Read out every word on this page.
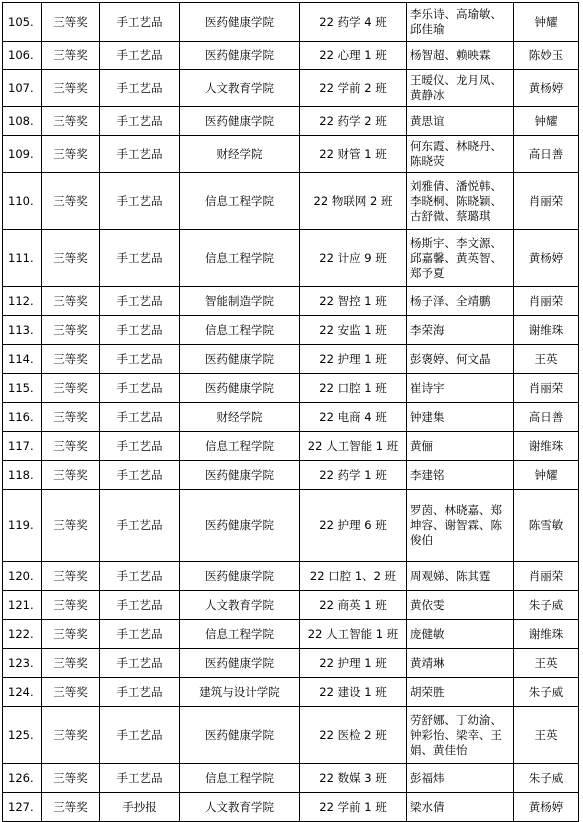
105.	三等奖	手工艺品	医药健康学院	22 药学 4 班	李乐诗、高瑜敏、邱佳瑜	钟耀
106.	三等奖	手工艺品	医药健康学院	22 心理 1 班	杨智超、赖映霖	陈妙玉
107.	三等奖	手工艺品	人文教育学院	22 学前 2 班	王暧仪、龙月凤、黄静冰	黄杨婷
108.	三等奖	手工艺品	医药健康学院	22 药学 2 班	黄思谊	钟耀
109.	三等奖	手工艺品	财经学院	22 财管 1 班	何东霞、林晓丹、陈晓荧	高日善
110.	三等奖	手工艺品	信息工程学院	22 物联网 2 班	刘雅倩、潘悦韩、李晓桐、陈晓颖、古舒微、蔡璐琪	肖丽荣
111.	三等奖	手工艺品	信息工程学院	22 计应 9 班	杨斯宇、李文源、邱嘉馨、黄英智、郑予夏	黄杨婷
112.	三等奖	手工艺品	智能制造学院	22 智控 1 班	杨子泽、全靖鹏	肖丽荣
113.	三等奖	手工艺品	信息工程学院	22 安监 1 班	李荣海	谢维珠
114.	三等奖	手工艺品	医药健康学院	22 护理 1 班	彭褒婷、何文晶	王英
115.	三等奖	手工艺品	医药健康学院	22 口腔 1 班	崔诗宇	肖丽荣
116.	三等奖	手工艺品	财经学院	22 电商 4 班	钟建集	高日善
117.	三等奖	手工艺品	信息工程学院	22 人工智能 1 班	黄俪	谢维珠
118.	三等奖	手工艺品	医药健康学院	22 药学 1 班	李建铭	钟耀
119.	三等奖	手工艺品	医药健康学院	22 护理 6 班	罗茵、林晓嘉、郑坤容、谢智霖、陈俊伯	陈雪敏
120.	三等奖	手工艺品	医药健康学院	22 口腔 1、2 班	周观娣、陈其霆	肖丽荣
121.	三等奖	手工艺品	人文教育学院	22 商英 1 班	黄依雯	朱子威
122.	三等奖	手工艺品	信息工程学院	22 人工智能 1 班	庞健敏	谢维珠
123.	三等奖	手工艺品	医药健康学院	22 护理 1 班	黄靖琳	王英
124.	三等奖	手工艺品	建筑与设计学院	22 建设 1 班	胡荣胜	朱子威
125.	三等奖	手工艺品	医药健康学院	22 医检 2 班	劳舒娜、丁幼渝、钟彩怡、梁幸、王娟、黄佳怡	王英
126.	三等奖	手工艺品	信息工程学院	22 数媒 3 班	彭福炜	朱子威
127.	三等奖	手抄报	人文教育学院	22 学前 1 班	梁水倩	黄杨婷
